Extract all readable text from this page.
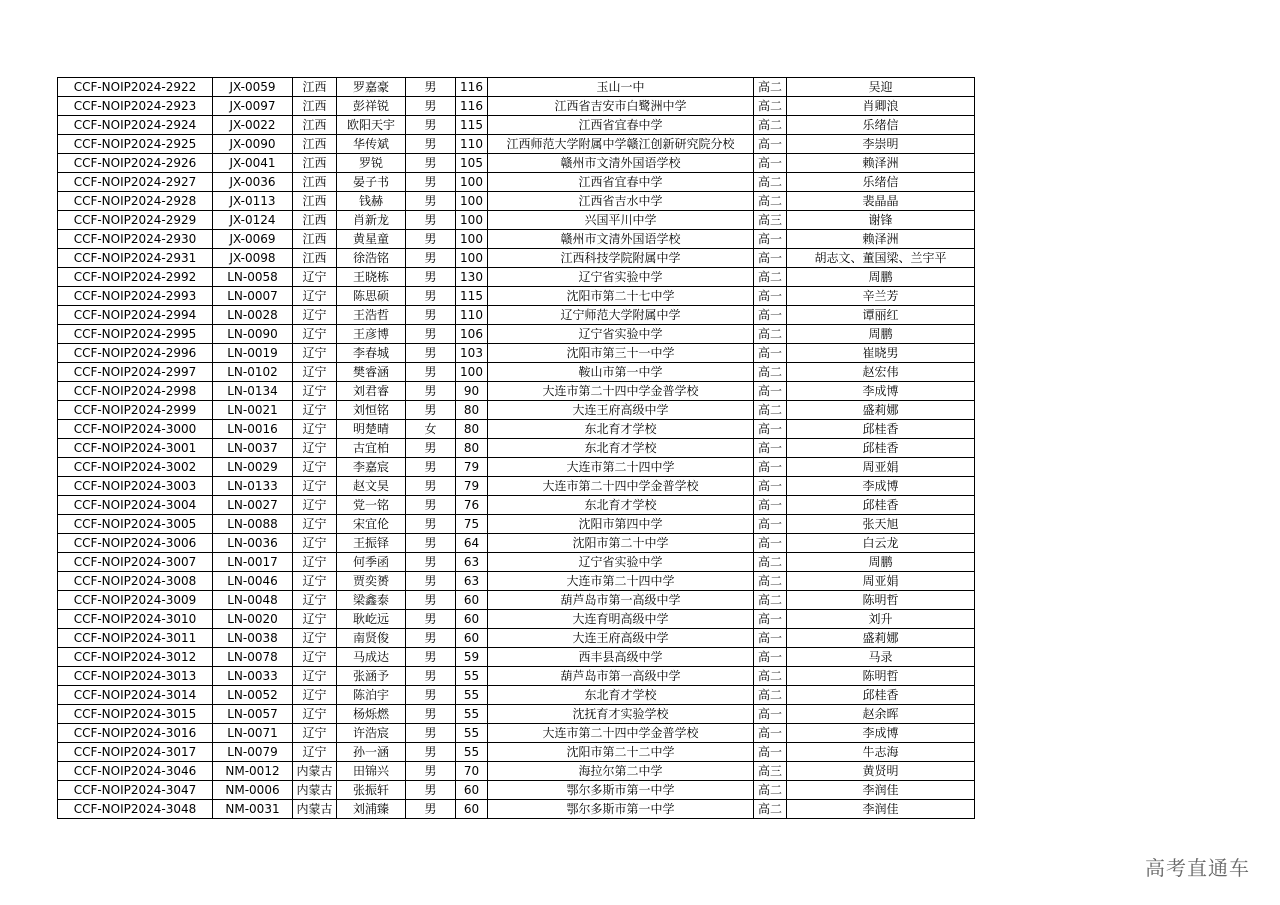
CCF-NOIP2024-2922	JX-0059	江西	罗嘉豪	男	116	玉山一中	高二	吴迎
CCF-NOIP2024-2923	JX-0097	江西	彭祥锐	男	116	江西省吉安市白鹭洲中学	高二	肖卿浪
CCF-NOIP2024-2924	JX-0022	江西	欧阳天宇	男	115	江西省宜春中学	高二	乐绪信
CCF-NOIP2024-2925	JX-0090	江西	华传斌	男	110	江西师范大学附属中学赣江创新研究院分校	高一	李崇明
CCF-NOIP2024-2926	JX-0041	江西	罗锐	男	105	赣州市文清外国语学校	高一	赖泽洲
CCF-NOIP2024-2927	JX-0036	江西	晏子书	男	100	江西省宜春中学	高二	乐绪信
CCF-NOIP2024-2928	JX-0113	江西	钱赫	男	100	江西省吉水中学	高二	裴晶晶
CCF-NOIP2024-2929	JX-0124	江西	肖新龙	男	100	兴国平川中学	高三	谢锋
CCF-NOIP2024-2930	JX-0069	江西	黄星童	男	100	赣州市文清外国语学校	高一	赖泽洲
CCF-NOIP2024-2931	JX-0098	江西	徐浩铭	男	100	江西科技学院附属中学	高一	胡志文、董国梁、兰宇平
CCF-NOIP2024-2992	LN-0058	辽宁	王晓栋	男	130	辽宁省实验中学	高二	周鹏
CCF-NOIP2024-2993	LN-0007	辽宁	陈思硕	男	115	沈阳市第二十七中学	高一	辛兰芳
CCF-NOIP2024-2994	LN-0028	辽宁	王浩哲	男	110	辽宁师范大学附属中学	高一	谭丽红
CCF-NOIP2024-2995	LN-0090	辽宁	王彦博	男	106	辽宁省实验中学	高二	周鹏
CCF-NOIP2024-2996	LN-0019	辽宁	李春城	男	103	沈阳市第三十一中学	高一	崔晓男
CCF-NOIP2024-2997	LN-0102	辽宁	樊睿涵	男	100	鞍山市第一中学	高二	赵宏伟
CCF-NOIP2024-2998	LN-0134	辽宁	刘君睿	男	90	大连市第二十四中学金普学校	高一	李成博
CCF-NOIP2024-2999	LN-0021	辽宁	刘恒铭	男	80	大连王府高级中学	高二	盛莉娜
CCF-NOIP2024-3000	LN-0016	辽宁	明楚晴	女	80	东北育才学校	高一	邱桂香
CCF-NOIP2024-3001	LN-0037	辽宁	古宜柏	男	80	东北育才学校	高一	邱桂香
CCF-NOIP2024-3002	LN-0029	辽宁	李嘉宸	男	79	大连市第二十四中学	高一	周亚娟
CCF-NOIP2024-3003	LN-0133	辽宁	赵文昊	男	79	大连市第二十四中学金普学校	高一	李成博
CCF-NOIP2024-3004	LN-0027	辽宁	党一铭	男	76	东北育才学校	高一	邱桂香
CCF-NOIP2024-3005	LN-0088	辽宁	宋宜伦	男	75	沈阳市第四中学	高一	张天旭
CCF-NOIP2024-3006	LN-0036	辽宁	王振铎	男	64	沈阳市第二十中学	高一	白云龙
CCF-NOIP2024-3007	LN-0017	辽宁	何季函	男	63	辽宁省实验中学	高二	周鹏
CCF-NOIP2024-3008	LN-0046	辽宁	贾奕赟	男	63	大连市第二十四中学	高二	周亚娟
CCF-NOIP2024-3009	LN-0048	辽宁	梁鑫泰	男	60	葫芦岛市第一高级中学	高二	陈明哲
CCF-NOIP2024-3010	LN-0020	辽宁	耿屹远	男	60	大连育明高级中学	高一	刘升
CCF-NOIP2024-3011	LN-0038	辽宁	南贤俊	男	60	大连王府高级中学	高一	盛莉娜
CCF-NOIP2024-3012	LN-0078	辽宁	马成达	男	59	西丰县高级中学	高一	马录
CCF-NOIP2024-3013	LN-0033	辽宁	张涵予	男	55	葫芦岛市第一高级中学	高二	陈明哲
CCF-NOIP2024-3014	LN-0052	辽宁	陈泊宇	男	55	东北育才学校	高二	邱桂香
CCF-NOIP2024-3015	LN-0057	辽宁	杨烁燃	男	55	沈抚育才实验学校	高一	赵余晖
CCF-NOIP2024-3016	LN-0071	辽宁	许浩宸	男	55	大连市第二十四中学金普学校	高一	李成博
CCF-NOIP2024-3017	LN-0079	辽宁	孙一涵	男	55	沈阳市第二十二中学	高一	牛志海
CCF-NOIP2024-3046	NM-0012	内蒙古	田锦兴	男	70	海拉尔第二中学	高三	黄贤明
CCF-NOIP2024-3047	NM-0006	内蒙古	张振轩	男	60	鄂尔多斯市第一中学	高二	李润佳
CCF-NOIP2024-3048	NM-0031	内蒙古	刘浦臻	男	60	鄂尔多斯市第一中学	高二	李润佳
高考直通车
